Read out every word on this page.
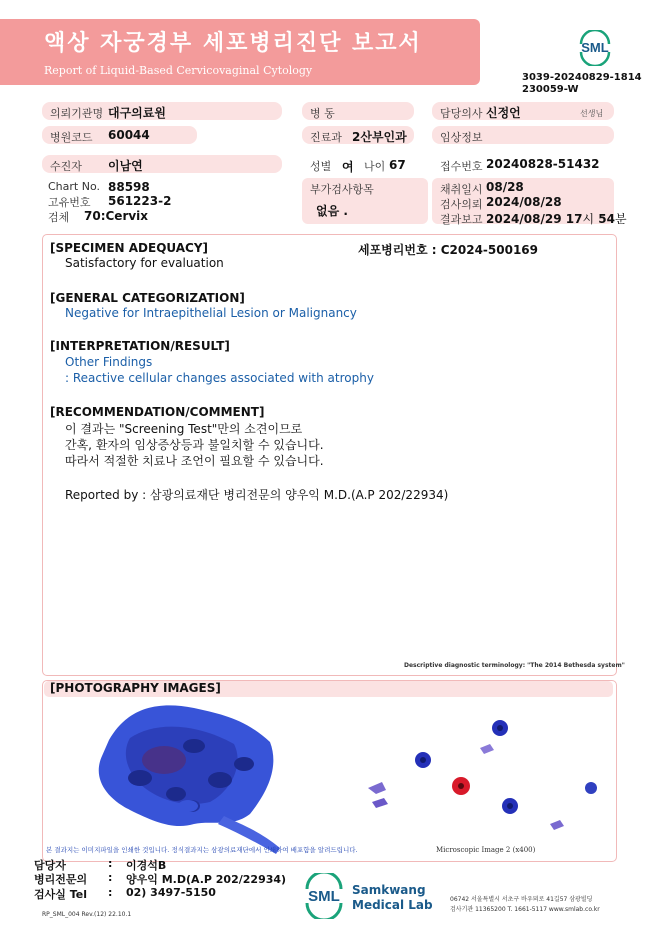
액상 자궁경부 세포병리진단 보고서
Report of Liquid-Based Cervicovaginal Cytology
SML
3039-20240829-1814
230059-W
의뢰기관명 대구의료원	병 동	담당의사 신정언	선생님
병원코드 60044	진료과 2산부인과	임상정보
수진자 이남연	성별 여 나이 67	접수번호 20240828-51432
Chart No. 88598
고유번호 561223-2
검체 70:Cervix
부가검사항목
없음 .
채취일시 08/28
검사의뢰 2024/08/28
결과보고 2024/08/29 17시 54분
[SPECIMEN ADEQUACY]	세포병리번호 : C2024-500169
Satisfactory for evaluation
[GENERAL CATEGORIZATION]
Negative for Intraepithelial Lesion or Malignancy
[INTERPRETATION/RESULT]
Other Findings
: Reactive cellular changes associated with atrophy
[RECOMMENDATION/COMMENT]
이 결과는 "Screening Test"만의 소견이므로
간혹, 환자의 임상증상등과 불일치할 수 있습니다.
따라서 적절한 치료나 조언이 필요할 수 있습니다.
Reported by : 삼광의료재단 병리전문의 양우익 M.D.(A.P 202/22934)
Descriptive diagnostic terminology: "The 2014 Bethesda system"
[PHOTOGRAPHY IMAGES]
Microscopic Image 2 (x400)
본 결과지는 이미지파일을 인쇄한 것입니다. 정식결과지는 삼광의료재단에서 인쇄하여 배포함을 알려드립니다.
담당자	: 이경석B
병리전문의 : 양우익 M.D(A.P 202/22934)
검사실 Tel : 02) 3497-5150
RP_SML_004 Rev.(12) 22.10.1
SML Samkwang
Medical Lab	06742 서울특별시 서초구 바우뫼로 41길57 삼광빌딩
검사기관 11365200 T. 1661-5117 www.smlab.co.kr
